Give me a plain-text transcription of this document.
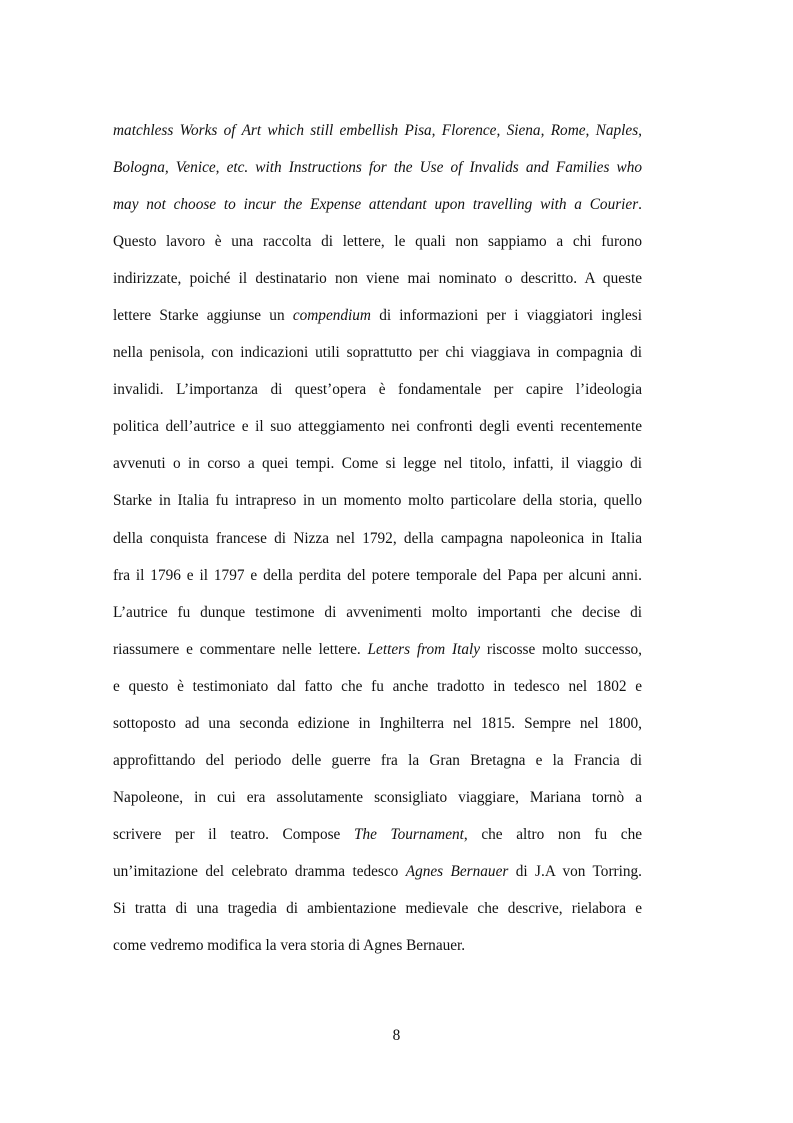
matchless Works of Art which still embellish Pisa, Florence, Siena, Rome, Naples,
Bologna, Venice, etc. with Instructions for the Use of Invalids and Families who
may not choose to incur the Expense attendant upon travelling with a Courier.
Questo lavoro è una raccolta di lettere, le quali non sappiamo a chi furono
indirizzate, poiché il destinatario non viene mai nominato o descritto. A queste
lettere Starke aggiunse un compendium di informazioni per i viaggiatori inglesi
nella penisola, con indicazioni utili soprattutto per chi viaggiava in compagnia di
invalidi. L’importanza di quest’opera è fondamentale per capire l’ideologia
politica dell’autrice e il suo atteggiamento nei confronti degli eventi recentemente
avvenuti o in corso a quei tempi. Come si legge nel titolo, infatti, il viaggio di
Starke in Italia fu intrapreso in un momento molto particolare della storia, quello
della conquista francese di Nizza nel 1792, della campagna napoleonica in Italia
fra il 1796 e il 1797 e della perdita del potere temporale del Papa per alcuni anni.
L’autrice fu dunque testimone di avvenimenti molto importanti che decise di
riassumere e commentare nelle lettere. Letters from Italy riscosse molto successo,
e questo è testimoniato dal fatto che fu anche tradotto in tedesco nel 1802 e
sottoposto ad una seconda edizione in Inghilterra nel 1815. Sempre nel 1800,
approfittando del periodo delle guerre fra la Gran Bretagna e la Francia di
Napoleone, in cui era assolutamente sconsigliato viaggiare, Mariana tornò a
scrivere per il teatro. Compose The Tournament, che altro non fu che
un’imitazione del celebrato dramma tedesco Agnes Bernauer di J.A von Torring.
Si tratta di una tragedia di ambientazione medievale che descrive, rielabora e
come vedremo modifica la vera storia di Agnes Bernauer.
8
